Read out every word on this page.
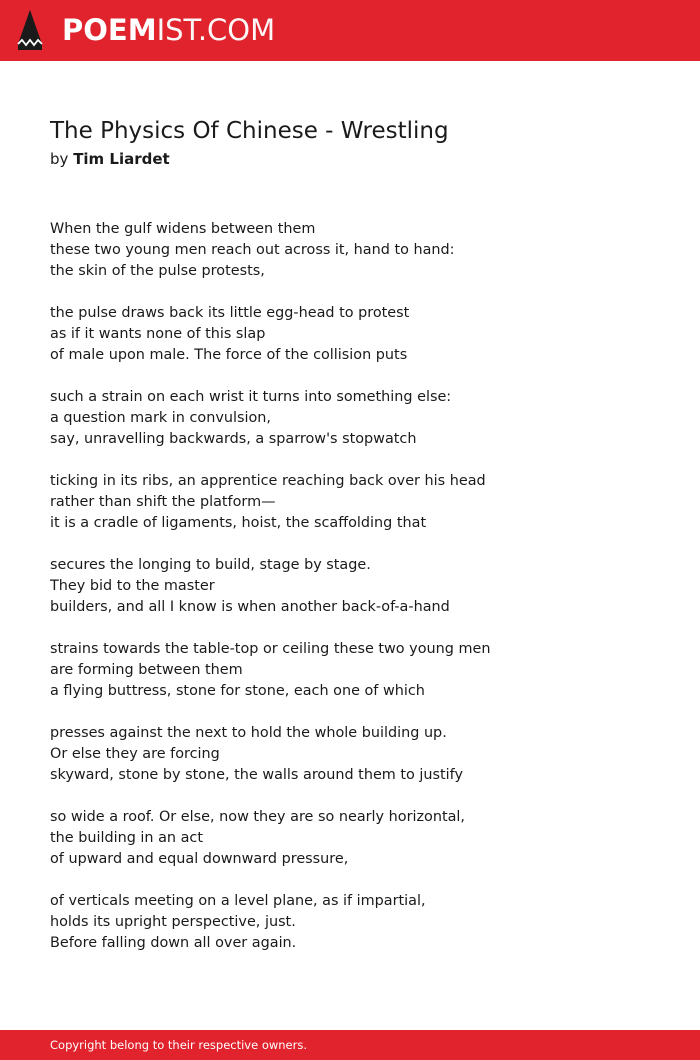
POEMIST.COM
The Physics Of Chinese - Wrestling
by Tim Liardet
When the gulf widens between them
these two young men reach out across it, hand to hand:
the skin of the pulse protests,
the pulse draws back its little egg-head to protest
as if it wants none of this slap
of male upon male. The force of the collision puts
such a strain on each wrist it turns into something else:
a question mark in convulsion,
say, unravelling backwards, a sparrow's stopwatch
ticking in its ribs, an apprentice reaching back over his head
rather than shift the platform—
it is a cradle of ligaments, hoist, the scaffolding that
secures the longing to build, stage by stage.
They bid to the master
builders, and all I know is when another back-of-a-hand
strains towards the table-top or ceiling these two young men
are forming between them
a flying buttress, stone for stone, each one of which
presses against the next to hold the whole building up.
Or else they are forcing
skyward, stone by stone, the walls around them to justify
so wide a roof. Or else, now they are so nearly horizontal,
the building in an act
of upward and equal downward pressure,
of verticals meeting on a level plane, as if impartial,
holds its upright perspective, just.
Before falling down all over again.
Copyright belong to their respective owners.
